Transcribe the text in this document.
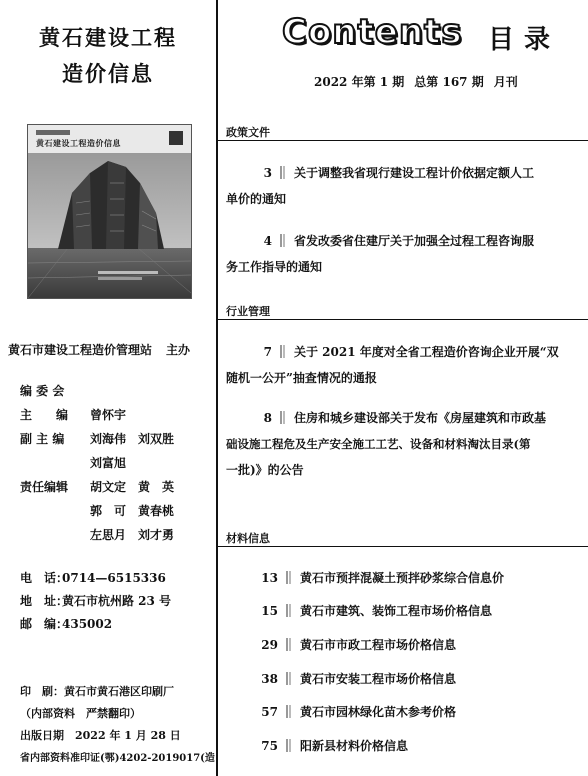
黄石建设工程
造价信息
黄石建设工程造价信息
黄石市建设工程造价管理站 主办
编 委 会
主　　编 曾怀宇
副 主 编 刘海伟　刘双胜
刘富旭
责任编辑 胡文定　黄　英
郭　可　黄春桃
左思月　刘才勇
电　话：0714—6515336
地　址：黄石市杭州路 23 号
邮　编：435002
印　刷：黄石市黄石港区印刷厂
（内部资料　严禁翻印）
出版日期　2022 年 1 月 28 日
省内部资料准印证(鄂)4202-2019017(造
Contents 目录
2022 年第 1 期 总第 167 期 月刊
政策文件
3 关于调整我省现行建设工程计价依据定额人工
单价的通知
4 省发改委省住建厅关于加强全过程工程咨询服
务工作指导的通知
行业管理
7 关于 2021 年度对全省工程造价咨询企业开展“双
随机一公开”抽查情况的通报
8 住房和城乡建设部关于发布《房屋建筑和市政基
础设施工程危及生产安全施工工艺、设备和材料淘汰目录(第
一批)》的公告
材料信息
13 黄石市预拌混凝土预拌砂浆综合信息价
15 黄石市建筑、装饰工程市场价格信息
29 黄石市市政工程市场价格信息
38 黄石市安装工程市场价格信息
57 黄石市园林绿化苗木参考价格
75 阳新县材料价格信息
